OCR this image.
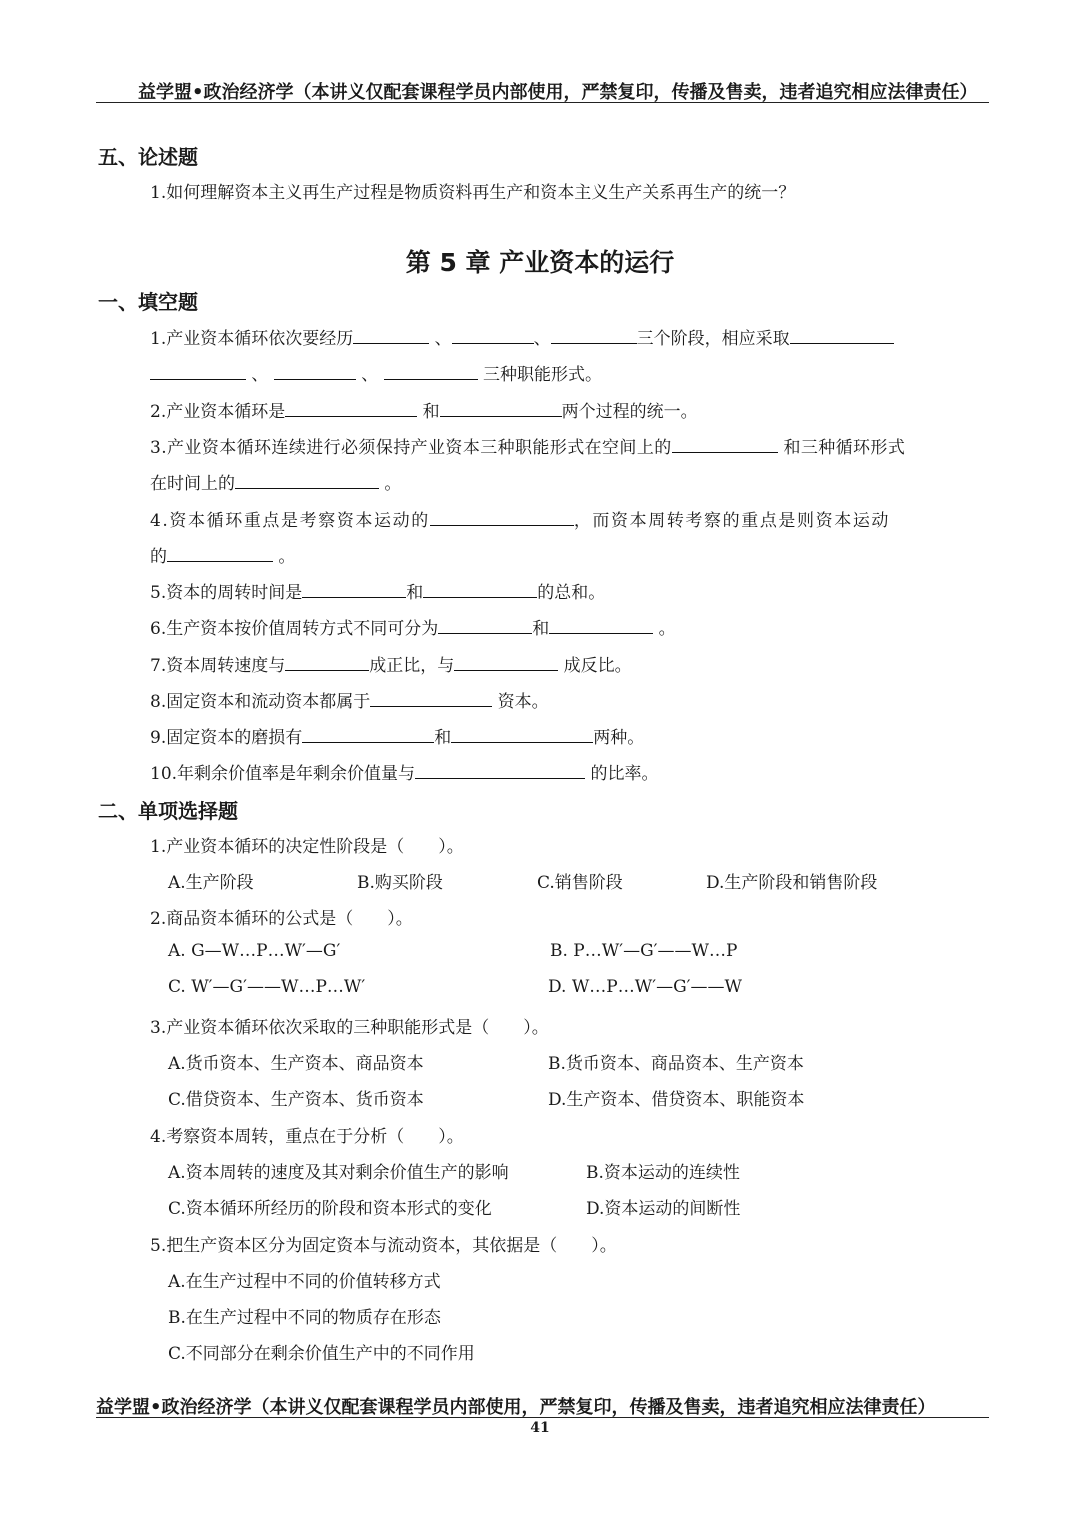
益学盟•政治经济学（本讲义仅配套课程学员内部使用，严禁复印，传播及售卖，违者追究相应法律责任）
五、论述题
1.如何理解资本主义再生产过程是物质资料再生产和资本主义生产关系再生产的统一？
第 5 章 产业资本的运行
一、填空题
1.产业资本循环依次要经历	、	、	三个阶段，相应采取
、	、	三种职能形式。
2.产业资本循环是	和	两个过程的统一。
3.产业资本循环连续进行必须保持产业资本三种职能形式在空间上的	和三种循环形式
在时间上的	。
4.资本循环重点是考察资本运动的	，而资本周转考察的重点是则资本运动
的	。
5.资本的周转时间是	和	的总和。
6.生产资本按价值周转方式不同可分为	和	。
7.资本周转速度与	成正比，与	成反比。
8.固定资本和流动资本都属于	资本。
9.固定资本的磨损有	和	两种。
10.年剩余价值率是年剩余价值量与	的比率。
二、单项选择题
1.产业资本循环的决定性阶段是（　　）。
A.生产阶段	B.购买阶段	C.销售阶段	D.生产阶段和销售阶段
2.商品资本循环的公式是（　　）。
A. G—W…P…W′—G′	B. P…W′—G′——W…P
C. W′—G′——W…P…W′	D. W…P…W′—G′——W
3.产业资本循环依次采取的三种职能形式是（　　）。
A.货币资本、生产资本、商品资本	B.货币资本、商品资本、生产资本
C.借贷资本、生产资本、货币资本	D.生产资本、借贷资本、职能资本
4.考察资本周转，重点在于分析（　　）。
A.资本周转的速度及其对剩余价值生产的影响	B.资本运动的连续性
C.资本循环所经历的阶段和资本形式的变化	D.资本运动的间断性
5.把生产资本区分为固定资本与流动资本，其依据是（　　）。
A.在生产过程中不同的价值转移方式
B.在生产过程中不同的物质存在形态
C.不同部分在剩余价值生产中的不同作用
益学盟•政治经济学（本讲义仅配套课程学员内部使用，严禁复印，传播及售卖，违者追究相应法律责任）
41
